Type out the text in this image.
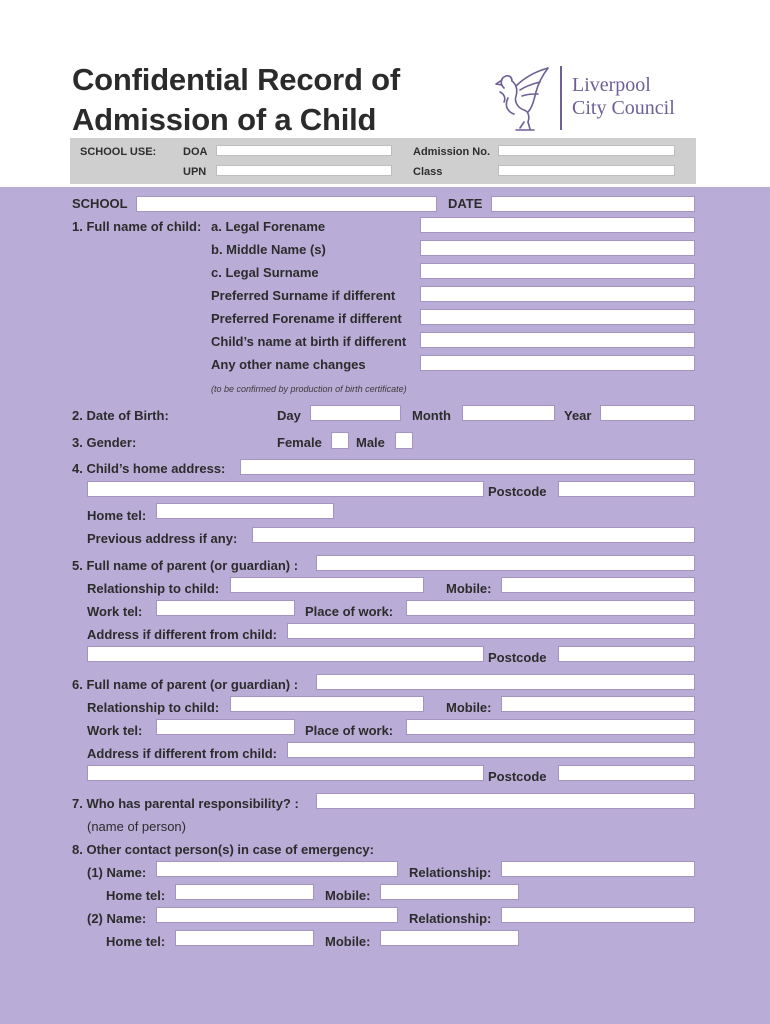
Confidential Record of
Admission of a Child
Liverpool
City Council
SCHOOL USE: DOA
UPN
Admission No.
Class
SCHOOL	DATE
1. Full name of child: a. Legal Forename
b. Middle Name (s)
c. Legal Surname
Preferred Surname if different
Preferred Forename if different
Child’s name at birth if different
Any other name changes
(to be confirmed by production of birth certificate)
2. Date of Birth:	Day	Month	Year
3. Gender:	Female	Male
4. Child’s home address:
Postcode
Home tel:
Previous address if any:
5. Full name of parent (or guardian) :
Relationship to child:	Mobile:
Work tel:	Place of work:
Address if different from child:
Postcode
6. Full name of parent (or guardian) :
Relationship to child:	Mobile:
Work tel:	Place of work:
Address if different from child:
Postcode
7. Who has parental responsibility? :
(name of person)
8. Other contact person(s) in case of emergency:
(1) Name:	Relationship:
Home tel:	Mobile:
(2) Name:	Relationship:
Home tel:	Mobile:
